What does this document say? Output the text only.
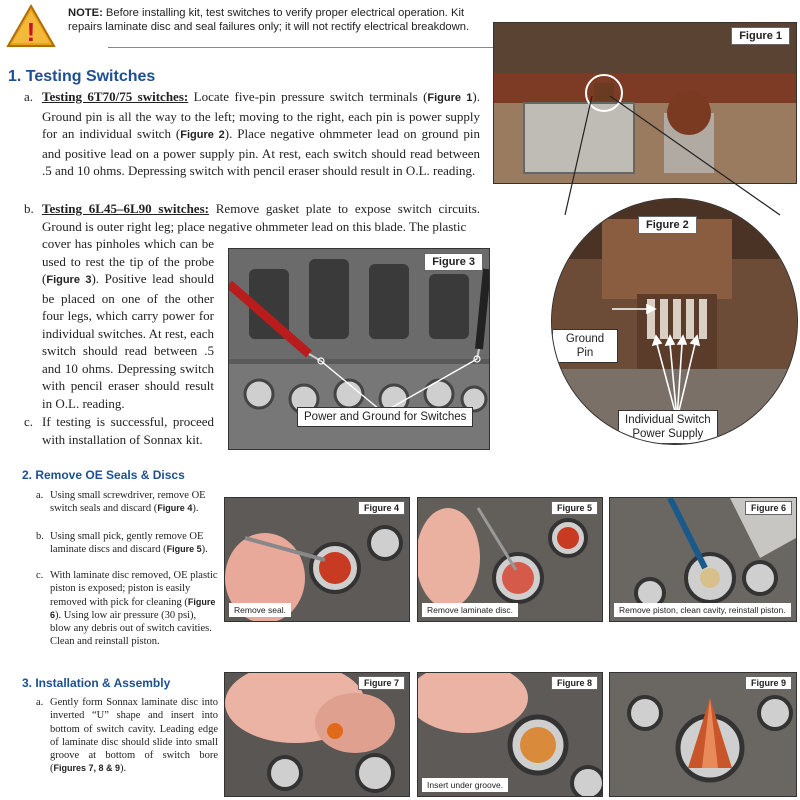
!
NOTE: Before installing kit, test switches to verify proper electrical operation. Kit repairs laminate disc and seal failures only; it will not rectify electrical breakdown.
1. Testing Switches
a. Testing 6T70/75 switches: Locate five-pin pressure switch terminals (Figure 1). Ground pin is all the way to the left; moving to the right, each pin is power supply for an individual switch (Figure 2). Place negative ohmmeter lead on ground pin and positive lead on a power supply pin. At rest, each switch should read between .5 and 10 ohms. Depressing switch with pencil eraser should result in O.L. reading.
b. Testing 6L45–6L90 switches: Remove gasket plate to expose switch circuits. Ground is outer right leg; place negative ohmmeter lead on this blade. The plastic
cover has pinholes which can be used to rest the tip of the probe (Figure 3). Positive lead should be placed on one of the other four legs, which carry power for individual switches. At rest, each switch should read between .5 and 10 ohms. Depressing switch with pencil eraser should result in O.L. reading.
c. If testing is successful, proceed with installation of Sonnax kit.
Figure 3
Power and Ground for Switches
Figure 1
Figure 2
Ground
Pin
Individual Switch
Power Supply
2. Remove OE Seals & Discs
a. Using small screwdriver, remove OE switch seals and discard (Figure 4).
b. Using small pick, gently remove OE laminate discs and discard (Figure 5).
c. With laminate disc removed, OE plastic piston is exposed; piston is easily removed with pick for cleaning (Figure 6). Using low air pressure (30 psi), blow any debris out of switch cavities. Clean and reinstall piston.
Figure 4
Remove seal.
Figure 5
Remove laminate disc.
Figure 6
Remove piston, clean cavity, reinstall piston.
3. Installation & Assembly
a. Gently form Sonnax laminate disc into inverted “U” shape and insert into bottom of switch cavity. Leading edge of laminate disc should slide into small groove at bottom of switch bore (Figures 7, 8 & 9).
Figure 7	Figure 8
Insert under groove.
Figure 9
